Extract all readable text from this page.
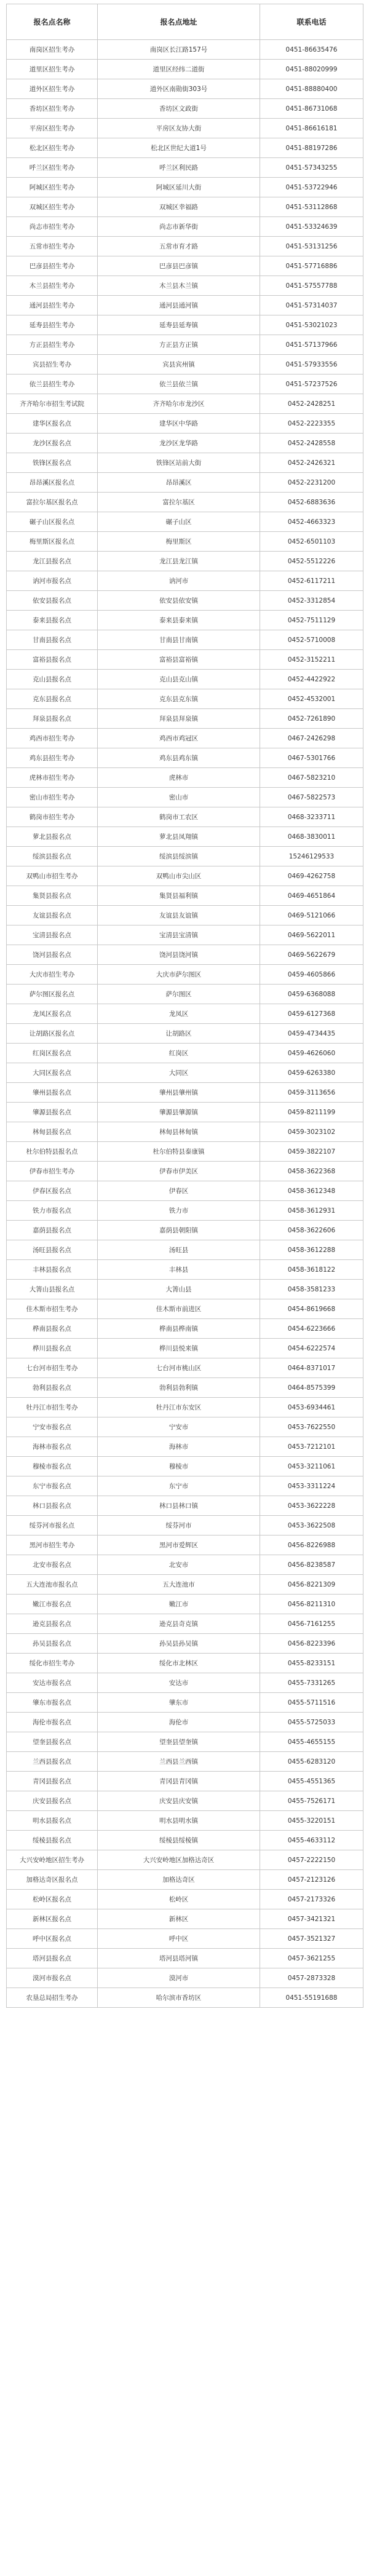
报名点名称	报名点地址	联系电话
南岗区招生考办	南岗区长江路157号	0451-86635476
道里区招生考办	道里区经纬二道街	0451-88020999
道外区招生考办	道外区南勋街303号	0451-88880400
香坊区招生考办	香坊区文政街	0451-86731068
平房区招生考办	平房区友协大街	0451-86616181
松北区招生考办	松北区世纪大道1号	0451-88197286
呼兰区招生考办	呼兰区利民路	0451-57343255
阿城区招生考办	阿城区延川大街	0451-53722946
双城区招生考办	双城区幸福路	0451-53112868
尚志市招生考办	尚志市新华街	0451-53324639
五常市招生考办	五常市育才路	0451-53131256
巴彦县招生考办	巴彦县巴彦镇	0451-57716886
木兰县招生考办	木兰县木兰镇	0451-57557788
通河县招生考办	通河县通河镇	0451-57314037
延寿县招生考办	延寿县延寿镇	0451-53021023
方正县招生考办	方正县方正镇	0451-57137966
宾县招生考办	宾县宾州镇	0451-57933556
依兰县招生考办	依兰县依兰镇	0451-57237526
齐齐哈尔市招生考试院	齐齐哈尔市龙沙区	0452-2428251
建华区报名点	建华区中华路	0452-2223355
龙沙区报名点	龙沙区龙华路	0452-2428558
铁锋区报名点	铁锋区站前大街	0452-2426321
昂昂溪区报名点	昂昂溪区	0452-2231200
富拉尔基区报名点	富拉尔基区	0452-6883636
碾子山区报名点	碾子山区	0452-4663323
梅里斯区报名点	梅里斯区	0452-6501103
龙江县报名点	龙江县龙江镇	0452-5512226
讷河市报名点	讷河市	0452-6117211
依安县报名点	依安县依安镇	0452-3312854
泰来县报名点	泰来县泰来镇	0452-7511129
甘南县报名点	甘南县甘南镇	0452-5710008
富裕县报名点	富裕县富裕镇	0452-3152211
克山县报名点	克山县克山镇	0452-4422922
克东县报名点	克东县克东镇	0452-4532001
拜泉县报名点	拜泉县拜泉镇	0452-7261890
鸡西市招生考办	鸡西市鸡冠区	0467-2426298
鸡东县招生考办	鸡东县鸡东镇	0467-5301766
虎林市招生考办	虎林市	0467-5823210
密山市招生考办	密山市	0467-5822573
鹤岗市招生考办	鹤岗市工农区	0468-3233711
萝北县报名点	萝北县凤翔镇	0468-3830011
绥滨县报名点	绥滨县绥滨镇	15246129533
双鸭山市招生考办	双鸭山市尖山区	0469-4262758
集贤县报名点	集贤县福利镇	0469-4651864
友谊县报名点	友谊县友谊镇	0469-5121066
宝清县报名点	宝清县宝清镇	0469-5622011
饶河县报名点	饶河县饶河镇	0469-5622679
大庆市招生考办	大庆市萨尔图区	0459-4605866
萨尔图区报名点	萨尔图区	0459-6368088
龙凤区报名点	龙凤区	0459-6127368
让胡路区报名点	让胡路区	0459-4734435
红岗区报名点	红岗区	0459-4626060
大同区报名点	大同区	0459-6263380
肇州县报名点	肇州县肇州镇	0459-3113656
肇源县报名点	肇源县肇源镇	0459-8211199
林甸县报名点	林甸县林甸镇	0459-3023102
杜尔伯特县报名点	杜尔伯特县泰康镇	0459-3822107
伊春市招生考办	伊春市伊美区	0458-3622368
伊春区报名点	伊春区	0458-3612348
铁力市报名点	铁力市	0458-3612931
嘉荫县报名点	嘉荫县朝阳镇	0458-3622606
汤旺县报名点	汤旺县	0458-3612288
丰林县报名点	丰林县	0458-3618122
大箐山县报名点	大箐山县	0458-3581233
佳木斯市招生考办	佳木斯市前进区	0454-8619668
桦南县报名点	桦南县桦南镇	0454-6223666
桦川县报名点	桦川县悦来镇	0454-6222574
七台河市招生考办	七台河市桃山区	0464-8371017
勃利县报名点	勃利县勃利镇	0464-8575399
牡丹江市招生考办	牡丹江市东安区	0453-6934461
宁安市报名点	宁安市	0453-7622550
海林市报名点	海林市	0453-7212101
穆棱市报名点	穆棱市	0453-3211061
东宁市报名点	东宁市	0453-3311224
林口县报名点	林口县林口镇	0453-3622228
绥芬河市报名点	绥芬河市	0453-3622508
黑河市招生考办	黑河市爱辉区	0456-8226988
北安市报名点	北安市	0456-8238587
五大连池市报名点	五大连池市	0456-8221309
嫩江市报名点	嫩江市	0456-8211310
逊克县报名点	逊克县奇克镇	0456-7161255
孙吴县报名点	孙吴县孙吴镇	0456-8223396
绥化市招生考办	绥化市北林区	0455-8233151
安达市报名点	安达市	0455-7331265
肇东市报名点	肇东市	0455-5711516
海伦市报名点	海伦市	0455-5725033
望奎县报名点	望奎县望奎镇	0455-4655155
兰西县报名点	兰西县兰西镇	0455-6283120
青冈县报名点	青冈县青冈镇	0455-4551365
庆安县报名点	庆安县庆安镇	0455-7526171
明水县报名点	明水县明水镇	0455-3220151
绥棱县报名点	绥棱县绥棱镇	0455-4633112
大兴安岭地区招生考办	大兴安岭地区加格达奇区	0457-2222150
加格达奇区报名点	加格达奇区	0457-2123126
松岭区报名点	松岭区	0457-2173326
新林区报名点	新林区	0457-3421321
呼中区报名点	呼中区	0457-3521327
塔河县报名点	塔河县塔河镇	0457-3621255
漠河市报名点	漠河市	0457-2873328
农垦总局招生考办	哈尔滨市香坊区	0451-55191688
